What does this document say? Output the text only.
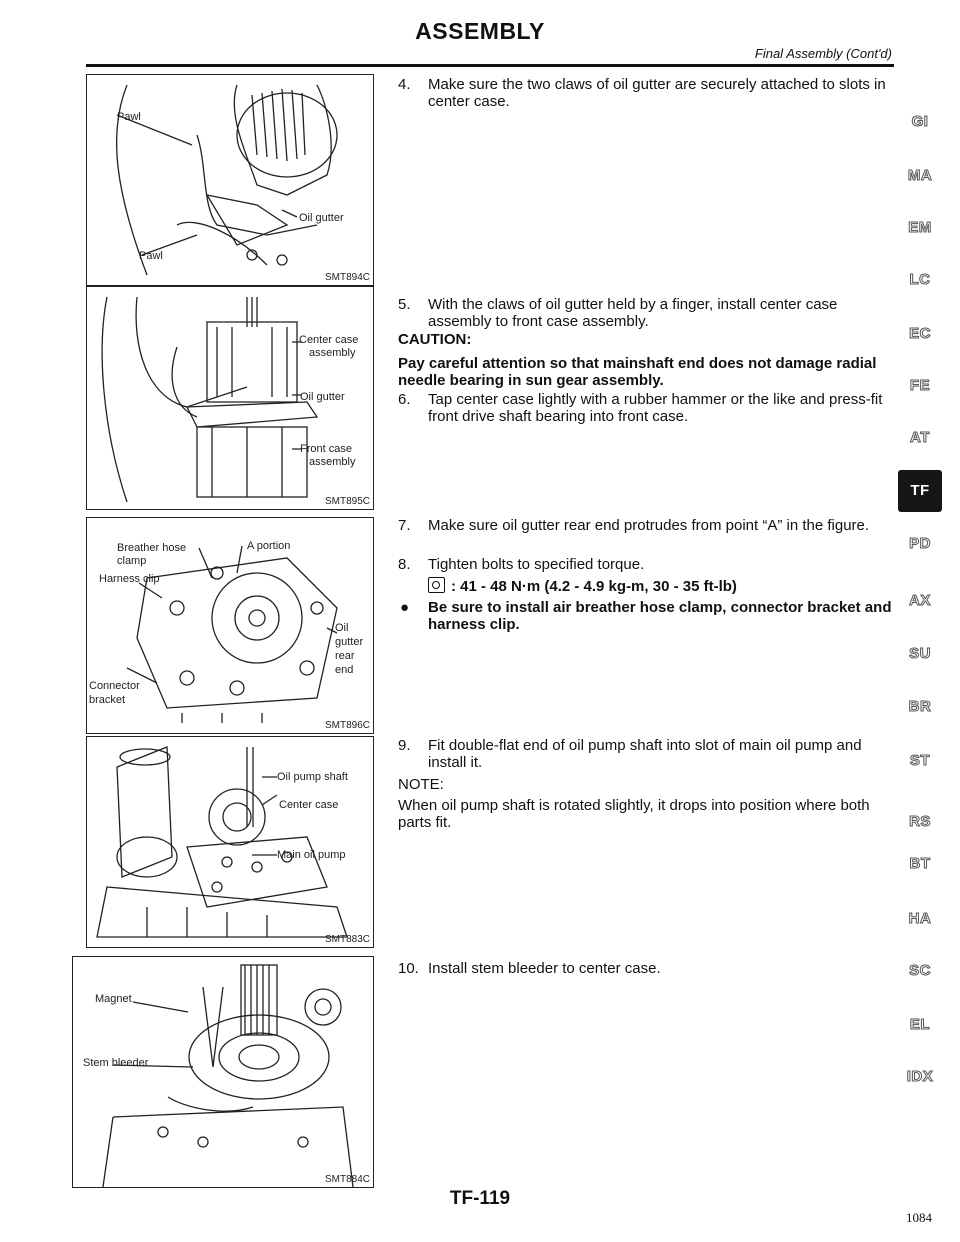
ASSEMBLY
Final Assembly (Cont'd)
Pawl
Oil gutter
Pawl
SMT894C
Center case
assembly
Oil gutter
Front case
assembly
SMT895C
Breather hose
clamp
A portion
Harness clip
Oil
gutter
rear
end
Connector
bracket
SMT896C
Oil pump shaft
Center case
Main oil pump
SMT883C
Magnet
Stem bleeder
SMT884C
4. Make sure the two claws of oil gutter are securely attached to slots in center case.
5. With the claws of oil gutter held by a finger, install center case assembly to front case assembly.
CAUTION:
Pay careful attention so that mainshaft end does not damage radial needle bearing in sun gear assembly.
6. Tap center case lightly with a rubber hammer or the like and press-fit front drive shaft bearing into front case.
7. Make sure oil gutter rear end protrudes from point “A” in the figure.
8. Tighten bolts to specified torque.
: 41 - 48 N·m (4.2 - 4.9 kg-m, 30 - 35 ft-lb)
● Be sure to install air breather hose clamp, connector bracket and harness clip.
9. Fit double-flat end of oil pump shaft into slot of main oil pump and install it.
NOTE:
When oil pump shaft is rotated slightly, it drops into position where both parts fit.
10. Install stem bleeder to center case.
GI
MA
EM
LC
EC
FE
AT
TF
PD
AX
SU
BR
ST
RS
BT
HA
SC
EL
IDX
TF-119
1084
